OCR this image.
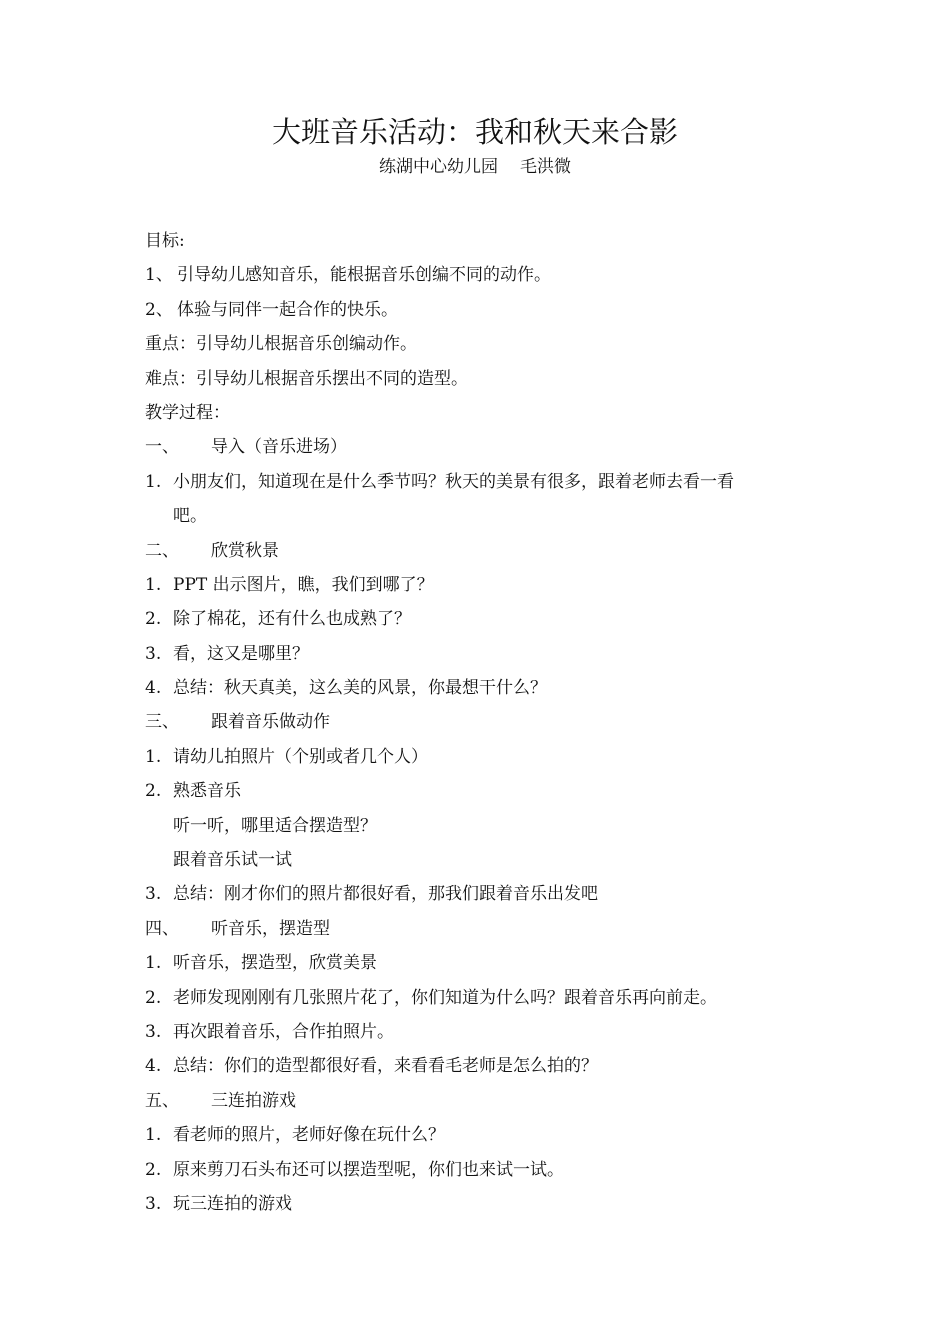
大班音乐活动：我和秋天来合影
练湖中心幼儿园 毛洪微
目标:
1、 引导幼儿感知音乐，能根据音乐创编不同的动作。
2、 体验与同伴一起合作的快乐。
重点：引导幼儿根据音乐创编动作。
难点：引导幼儿根据音乐摆出不同的造型。
教学过程：
一、 导入（音乐进场）
1. 小朋友们，知道现在是什么季节吗？秋天的美景有很多，跟着老师去看一看
吧。
二、 欣赏秋景
1. PPT 出示图片，瞧，我们到哪了？
2. 除了棉花，还有什么也成熟了？
3. 看，这又是哪里？
4. 总结：秋天真美，这么美的风景，你最想干什么？
三、 跟着音乐做动作
1. 请幼儿拍照片（个别或者几个人）
2. 熟悉音乐
听一听，哪里适合摆造型？
跟着音乐试一试
3. 总结：刚才你们的照片都很好看，那我们跟着音乐出发吧
四、 听音乐，摆造型
1. 听音乐，摆造型，欣赏美景
2. 老师发现刚刚有几张照片花了，你们知道为什么吗？跟着音乐再向前走。
3. 再次跟着音乐，合作拍照片。
4. 总结：你们的造型都很好看，来看看毛老师是怎么拍的？
五、 三连拍游戏
1. 看老师的照片，老师好像在玩什么？
2. 原来剪刀石头布还可以摆造型呢，你们也来试一试。
3. 玩三连拍的游戏
